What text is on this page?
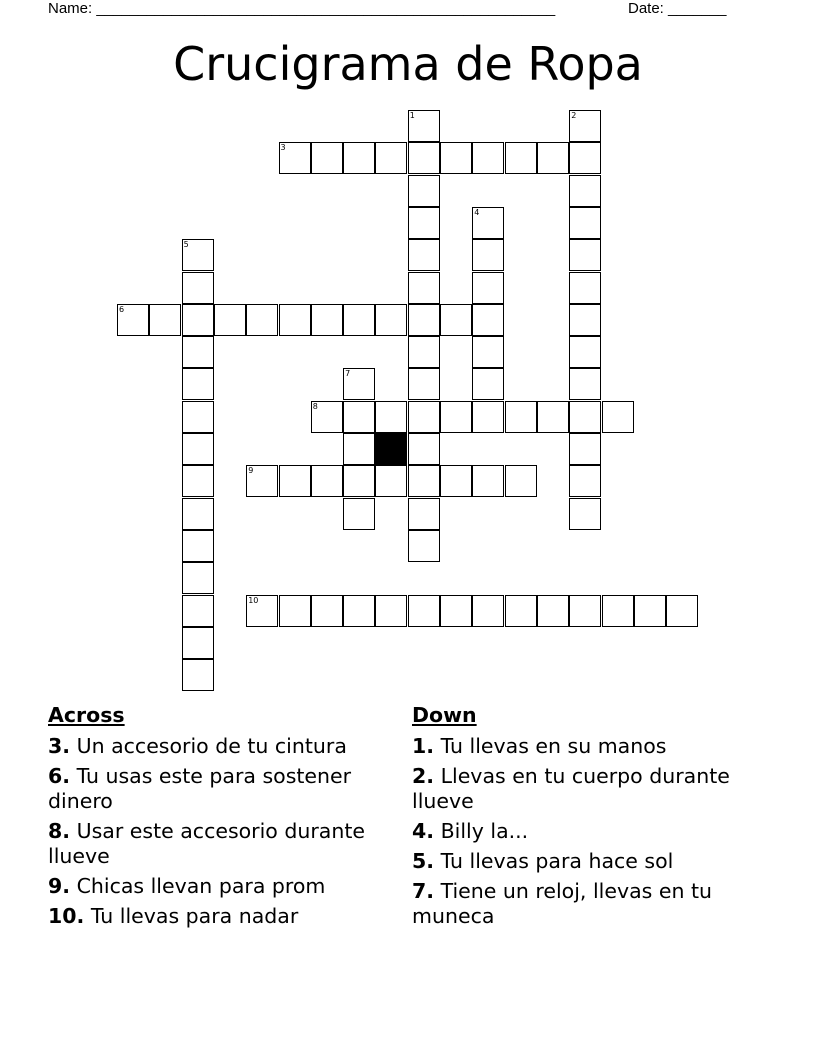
Name: _______________________________________________________	Date: _______
Crucigrama de Ropa
1	2
3
4
5
6
7
8
9
10
Across
3. Un accesorio de tu cintura
6. Tu usas este para sostener dinero
8. Usar este accesorio durante llueve
9. Chicas llevan para prom
10. Tu llevas para nadar
Down
1. Tu llevas en su manos
2. Llevas en tu cuerpo durante llueve
4. Billy la...
5. Tu llevas para hace sol
7. Tiene un reloj, llevas en tu muneca
